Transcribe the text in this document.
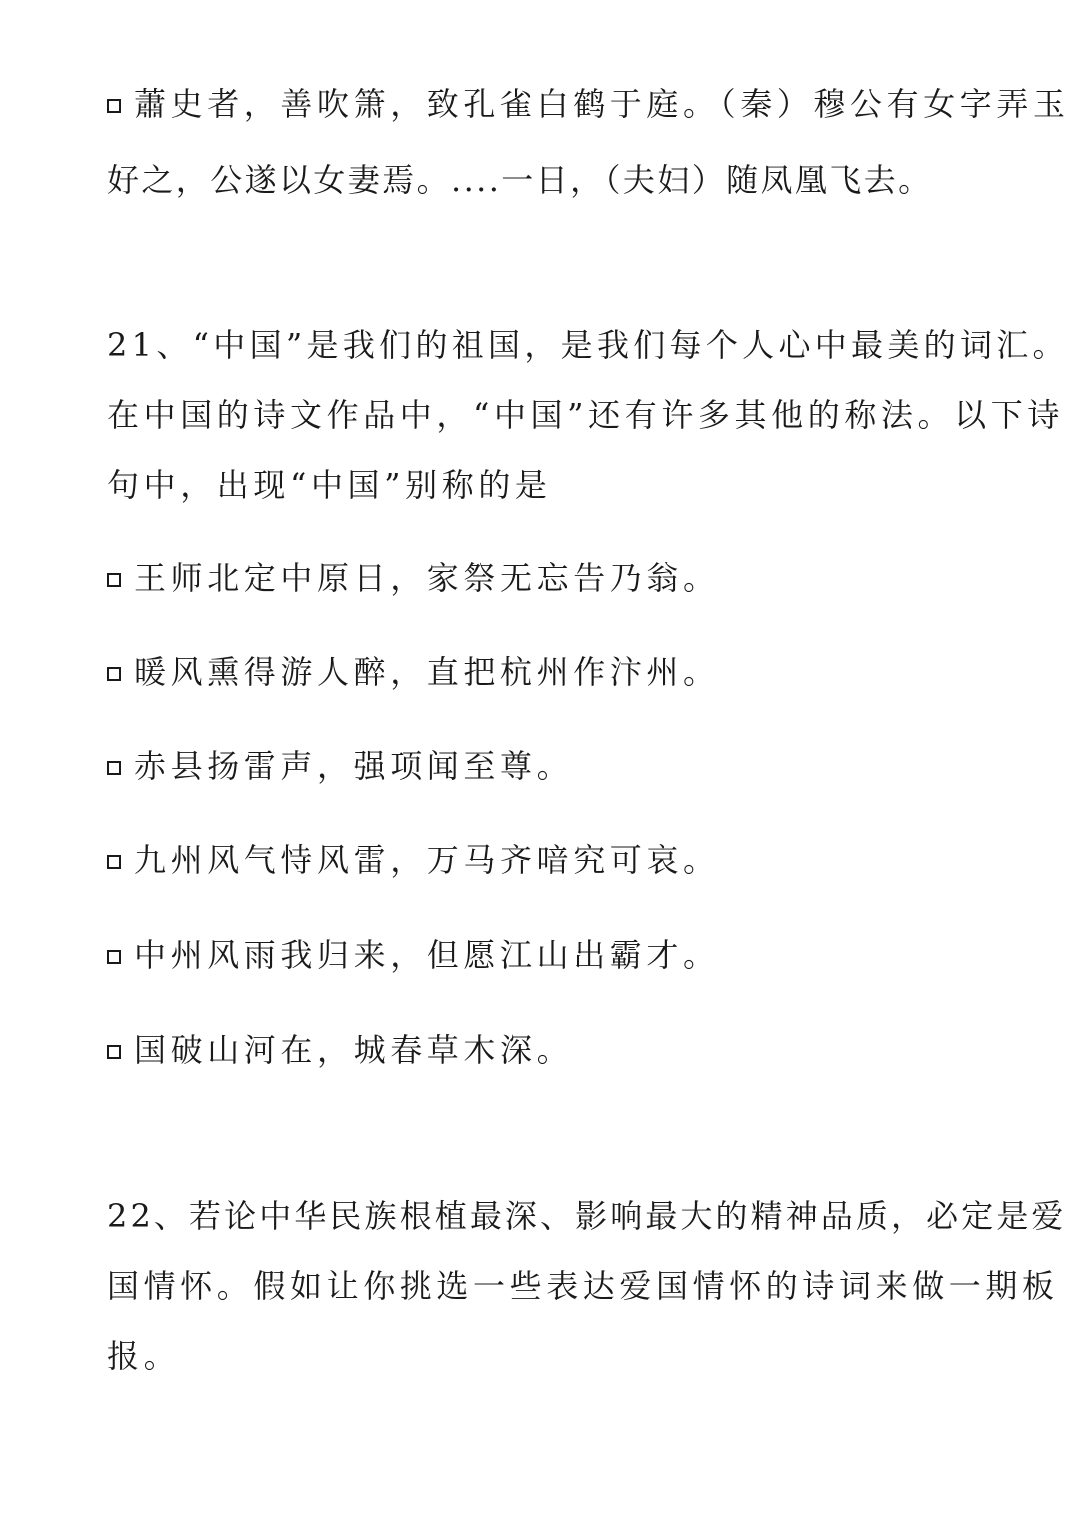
蕭史者，善吹箫，致孔雀白鹤于庭。（秦）穆公有女字弄玉
好之，公遂以女妻焉。....一日，（夫妇）随凤凰飞去。
21、“中国”是我们的祖国，是我们每个人心中最美的词汇。
在中国的诗文作品中，“中国”还有许多其他的称法。以下诗
句中，出现“中国”别称的是
王师北定中原日，家祭无忘告乃翁。
暖风熏得游人醉，直把杭州作汴州。
赤县扬雷声，强项闻至尊。
九州风气恃风雷，万马齐喑究可哀。
中州风雨我归来，但愿江山出霸才。
国破山河在，城春草木深。
22、若论中华民族根植最深、影响最大的精神品质，必定是爱
国情怀。假如让你挑选一些表达爱国情怀的诗词来做一期板
报。
